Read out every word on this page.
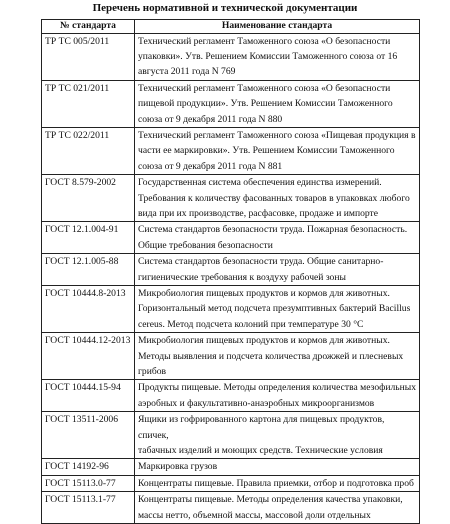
Перечень нормативной и технической документации
№ стандарта	Наименование стандарта
ТР ТС 005/2011	Технический регламент Таможенного союза «О безопасности
упаковки». Утв. Решением Комиссии Таможенного союза от 16
августа 2011 года N 769

ТР ТС 021/2011	Технический регламент Таможенного союза «О безопасности
пищевой продукции». Утв. Решением Комиссии Таможенного
союза от 9 декабря 2011 года N 880

ТР ТС 022/2011	Технический регламент Таможенного союза «Пищевая продукция в
части ее маркировки». Утв. Решением Комиссии Таможенного
союза от 9 декабря 2011 года N 881

ГОСТ 8.579-2002	Государственная система обеспечения единства измерений.
Требования к количеству фасованных товаров в упаковках любого
вида при их производстве, расфасовке, продаже и импорте

ГОСТ 12.1.004-91	Система стандартов безопасности труда. Пожарная безопасность.
Общие требования безопасности

ГОСТ 12.1.005-88	Система стандартов безопасности труда. Общие санитарно-
гигиенические требования к воздуху рабочей зоны

ГОСТ 10444.8-2013	Микробиология пищевых продуктов и кормов для животных.
Горизонтальный метод подсчета презумптивных бактерий Bacillus
cereus. Метод подсчета колоний при температуре 30 °С

ГОСТ 10444.12-2013	Микробиология пищевых продуктов и кормов для животных.
Методы выявления и подсчета количества дрожжей и плесневых
грибов

ГОСТ 10444.15-94	Продукты пищевые. Методы определения количества мезофильных
аэробных и факультативно-анаэробных микроорганизмов

ГОСТ 13511-2006	Ящики из гофрированного картона для пищевых продуктов, спичек,
табачных изделий и моющих средств. Технические условия

ГОСТ 14192-96	Маркировка грузов

ГОСТ 15113.0-77	Концентраты пищевые. Правила приемки, отбор и подготовка проб

ГОСТ 15113.1-77	Концентраты пищевые. Методы определения качества упаковки,
массы нетто, объемной массы, массовой доли отдельных
